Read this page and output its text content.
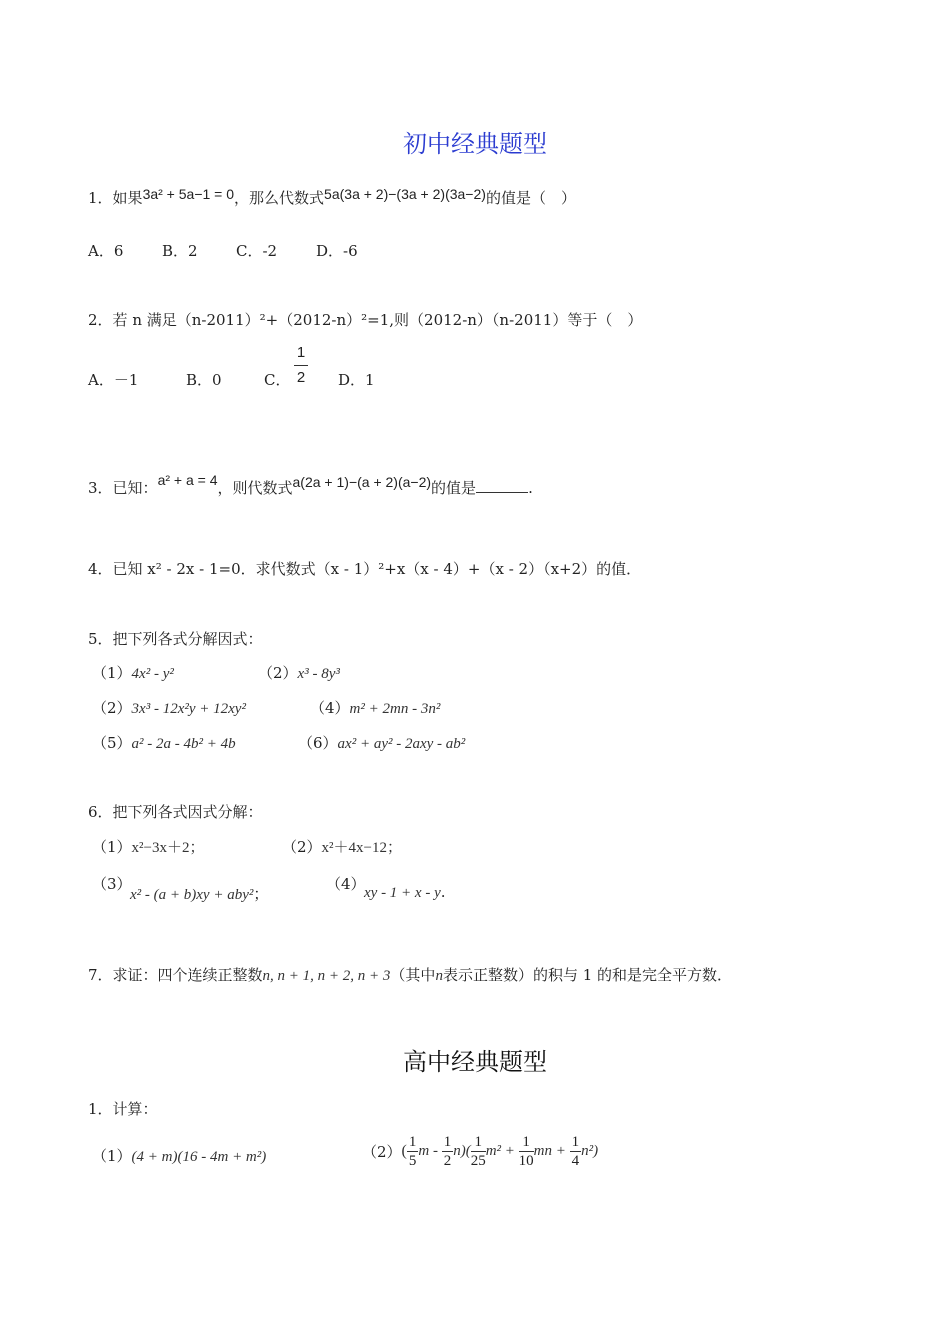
初中经典题型
1．如果3a² + 5a−1 = 0，那么代数式5a(3a + 2)−(3a + 2)(3a−2)的值是（　）
A．6	B．2	C．-2	D．-6
2．若 n 满足（n-2011）²+（2012-n）²=1,则（2012-n）（n-2011）等于（　）
A．－1	B．0	C．
1
2 D．1
3．已知：a² + a = 4，则代数式a(2a + 1)−(a + 2)(a−2)的值是	.
4．已知 x² - 2x - 1=0．求代数式（x - 1）²+x（x - 4）+（x - 2）（x+2）的值．
5．把下列各式分解因式：
（1）4x² - y²	（2）x³ - 8y³
（2）3x³ - 12x²y + 12xy²	（4）m² + 2mn - 3n²
（5）a² - 2a - 4b² + 4b	（6）ax² + ay² - 2axy - ab²
6．把下列各式因式分解：
（1）x²−3x＋2；	（2）x²＋4x−12；
（3）
x² - (a + b)xy + aby²；
（4）
xy - 1 + x - y.
7．求证：四个连续正整数n, n + 1, n + 2, n + 3（其中n表示正整数）的积与 1 的和是完全平方数．
高中经典题型
1．计算：
（1）(4 + m)(16 - 4m + m²)	$(2)( \frac{1}{5}$ $m - \frac{1}{2} n)( \frac{1}{25} m^2 + \frac{1}{10}$ mn + $\frac{1}{4} n^2$)
